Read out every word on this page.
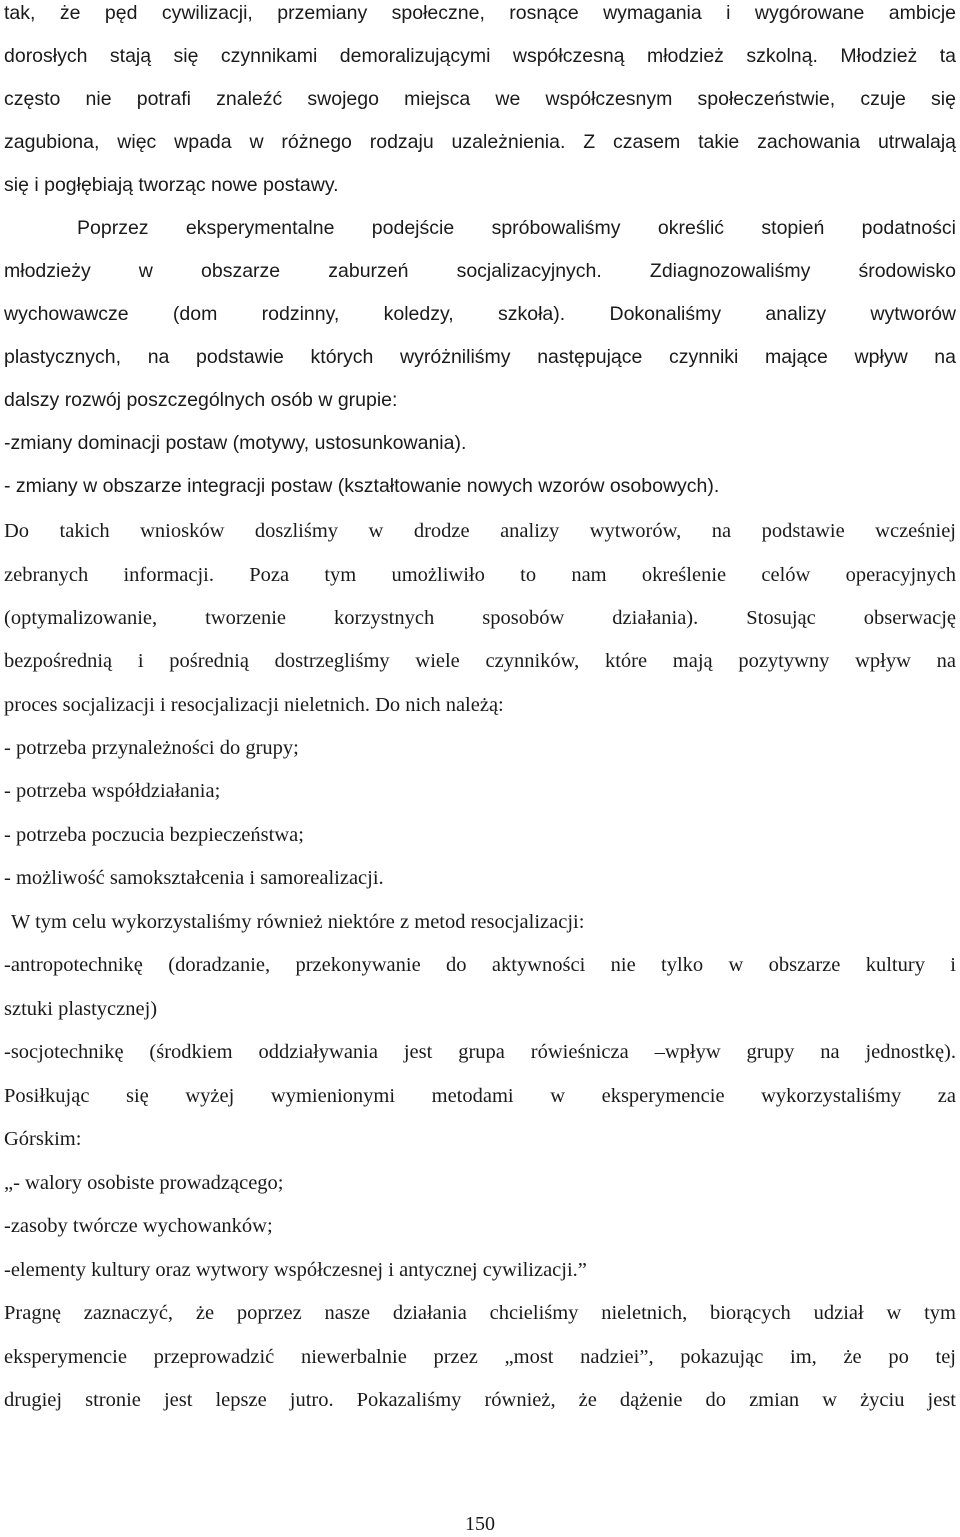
tak, że pęd cywilizacji, przemiany społeczne, rosnące wymagania i wygórowane ambicje
dorosłych stają się czynnikami demoralizującymi współczesną młodzież szkolną. Młodzież ta
często nie potrafi znaleźć swojego miejsca we współczesnym społeczeństwie, czuje się
zagubiona, więc wpada w różnego rodzaju uzależnienia. Z czasem takie zachowania utrwalają
się i pogłębiają tworząc nowe postawy.
Poprzez eksperymentalne podejście spróbowaliśmy określić stopień podatności
młodzieży w obszarze zaburzeń socjalizacyjnych. Zdiagnozowaliśmy środowisko
wychowawcze (dom rodzinny, koledzy, szkoła). Dokonaliśmy analizy wytworów
plastycznych, na podstawie których wyróżniliśmy następujące czynniki mające wpływ na
dalszy rozwój poszczególnych osób w grupie:
-zmiany dominacji postaw (motywy, ustosunkowania).
- zmiany w obszarze integracji postaw (kształtowanie nowych wzorów osobowych).
Do takich wniosków doszliśmy w drodze analizy wytworów, na podstawie wcześniej
zebranych informacji. Poza tym umożliwiło to nam określenie celów operacyjnych
(optymalizowanie, tworzenie korzystnych sposobów działania). Stosując obserwację
bezpośrednią i pośrednią dostrzegliśmy wiele czynników, które mają pozytywny wpływ na
proces socjalizacji i resocjalizacji nieletnich. Do nich należą:
- potrzeba przynależności do grupy;
- potrzeba współdziałania;
- potrzeba poczucia bezpieczeństwa;
- możliwość samokształcenia i samorealizacji.
W tym celu wykorzystaliśmy również niektóre z metod resocjalizacji:
-antropotechnikę (doradzanie, przekonywanie do aktywności nie tylko w obszarze kultury i
sztuki plastycznej)
-socjotechnikę (środkiem oddziaływania jest grupa rówieśnicza –wpływ grupy na jednostkę).
Posiłkując się wyżej wymienionymi metodami w eksperymencie wykorzystaliśmy za
Górskim:
„- walory osobiste prowadzącego;
-zasoby twórcze wychowanków;
-elementy kultury oraz wytwory współczesnej i antycznej cywilizacji.”
Pragnę zaznaczyć, że poprzez nasze działania chcieliśmy nieletnich, biorących udział w tym
eksperymencie przeprowadzić niewerbalnie przez „most nadziei”, pokazując im, że po tej
drugiej stronie jest lepsze jutro. Pokazaliśmy również, że dążenie do zmian w życiu jest
150
